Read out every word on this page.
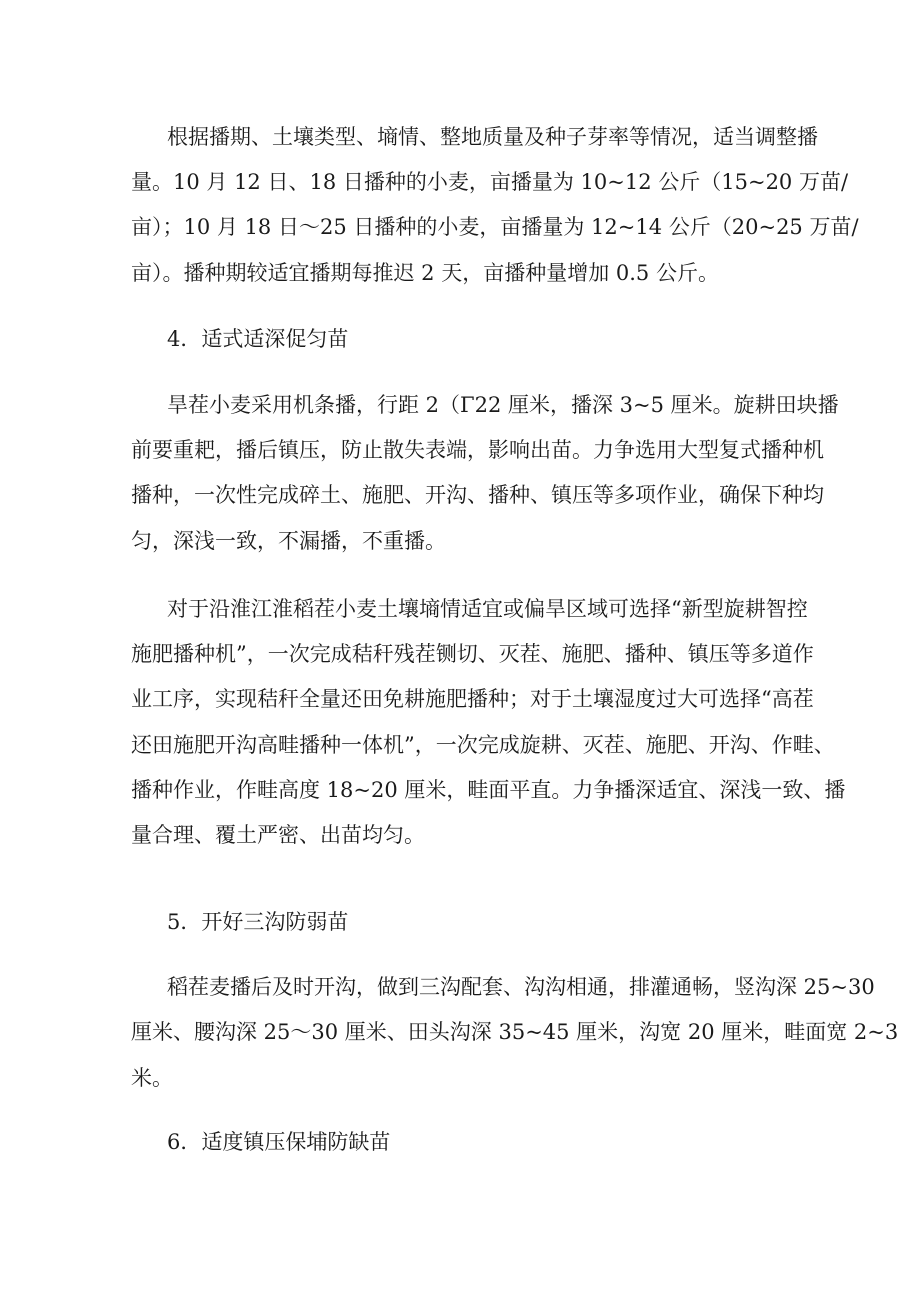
根据播期、土壤类型、墒情、整地质量及种子芽率等情况，适当调整播
量。10 月 12 日、18 日播种的小麦，亩播量为 10~12 公斤（15~20 万苗/
亩）；10 月 18 日～25 日播种的小麦，亩播量为 12~14 公斤（20~25 万苗/
亩）。播种期较适宜播期每推迟 2 天，亩播种量增加 0.5 公斤。
4．适式适深促匀苗
旱茬小麦采用机条播，行距 2（Γ22 厘米，播深 3~5 厘米。旋耕田块播
前要重耙，播后镇压，防止散失表端，影响出苗。力争选用大型复式播种机
播种，一次性完成碎土、施肥、开沟、播种、镇压等多项作业，确保下种均
匀，深浅一致，不漏播，不重播。
对于沿淮江淮稻茬小麦土壤墒情适宜或偏旱区域可选择“新型旋耕智控
施肥播种机”，一次完成秸秆残茬铡切、灭茬、施肥、播种、镇压等多道作
业工序，实现秸秆全量还田免耕施肥播种；对于土壤湿度过大可选择“高茬
还田施肥开沟高畦播种一体机”，一次完成旋耕、灭茬、施肥、开沟、作畦、
播种作业，作畦高度 18~20 厘米，畦面平直。力争播深适宜、深浅一致、播
量合理、覆土严密、出苗均匀。
5．开好三沟防弱苗
稻茬麦播后及时开沟，做到三沟配套、沟沟相通，排灌通畅，竖沟深 25~30
厘米、腰沟深 25～30 厘米、田头沟深 35~45 厘米，沟宽 20 厘米，畦面宽 2~3
米。
6．适度镇压保埔防缺苗
